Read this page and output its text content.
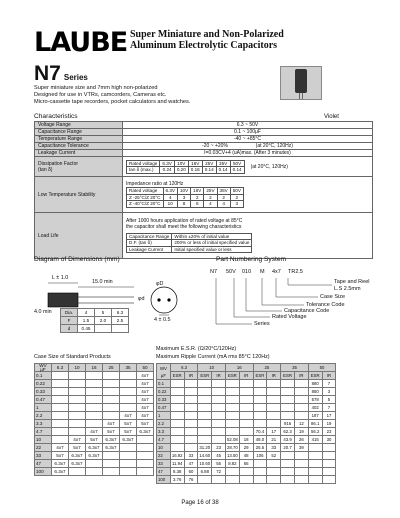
LAUBE Super Miniature and Non-Polarized
Aluminum Electrolytic Capacitors
N7 Series
Super miniature size and 7mm high non-polarized
Designed for use in VTRs, camcorders, Cameras etc.
Micro-cassette tape recorders, pocket calculators and watches.
Characteristics	Violet
Voltage Range	6.3 ~ 50V
Capacitance Range	0.1 ~ 100μF
Temperature Range	-40 ~ +85°C
Capacitance Tolerance	-20 ~ +20%                    (at 20°C, 120Hz)
Leakage Current	I=0.03CV+4 (uA)max. (After 3 minutes)

Dissipation Factor
(tan δ)

Rated voltage	6.3V	10V	16V	25V	35V	50V
tan δ (max.)	0.24	0.20	0.16	0.14	0.14	0.14 (at 20°C, 120Hz)

Low Temperature Stability	
Impedance ratio at 120Hz
Rated voltage	6.3V	10V	16V	25V	35V	50V
Z -25°C/Z 20°C	4	3	2	2	2	2
Z -40°C/Z 20°C	10	8	6	4	4	3

Load Life	
After 1000 hours application of rated voltage at 85°C
the capacitor shall meet the following characteristics
Capacitance Range	Within ±20% of initial value
D.F. (tan δ)	200% or less of initial specified value
Leakage Current	Initial specified value or less
Diagram of Dimensions (mm)
L ± 1.0
15.0 min
4.0 min
φd
φD
4 ± 0.5
Dia.	4	5	6.3
F	1.5	2.0	2.5
d	0.45		
Part Numbering System
N7 50V 010 M 4x7 TR2.5
Tape and Reel
L.S 2.5mm
Case Size
Tolerance Code
Capacitance Code
Rated Voltage
Series
Case Size of Standard Products
WV
μF	6.3	10	16	25	35	50
0.1						4x7
0.22						4x7
0.33						4x7
0.47						4x7
1						4x7
2.2					4x7	4x7
3.3				4x7	5x7	5x7
4.7			4x7	5x7	5x7	6.3x7
10		4x7	5x7	6.3x7	6.3x7	
22	4x7	5x7	6.3x7	6.3x7		
33	5x7	6.3x7	6.3x7			
47	6.3x7	6.3x7				
100	6.3x7					
Maximum E.S.R. (Ω/20°C/120Hz)
Maximum Ripple Current (mA rms 85°C 120Hz)
WV
μF	6.3		10		16		25		35		50	
	ESR	IR	ESR	IR	ESR	IR	ESR	IR	ESR	IR	ESR	IR
0.1											880	7
0.22											850	3
0.33											578	5
0.47											402	7
1											187	17
2.2									916	12	86.1	19
3.3							70.4	17	62.3	19	56.2	23
4.7					52.08	18	48.0	21	43.9	26	415	30
10			31.20	23	28.70	29	25.5	33	20.7	39		
22	16.92	33	14.60	45	13.50	48	106	52				
33	11.94	47	10.60	55	8.82	65						
47	8.38	60	6.88	72								
100	3.76	76										
Page 16 of 38
